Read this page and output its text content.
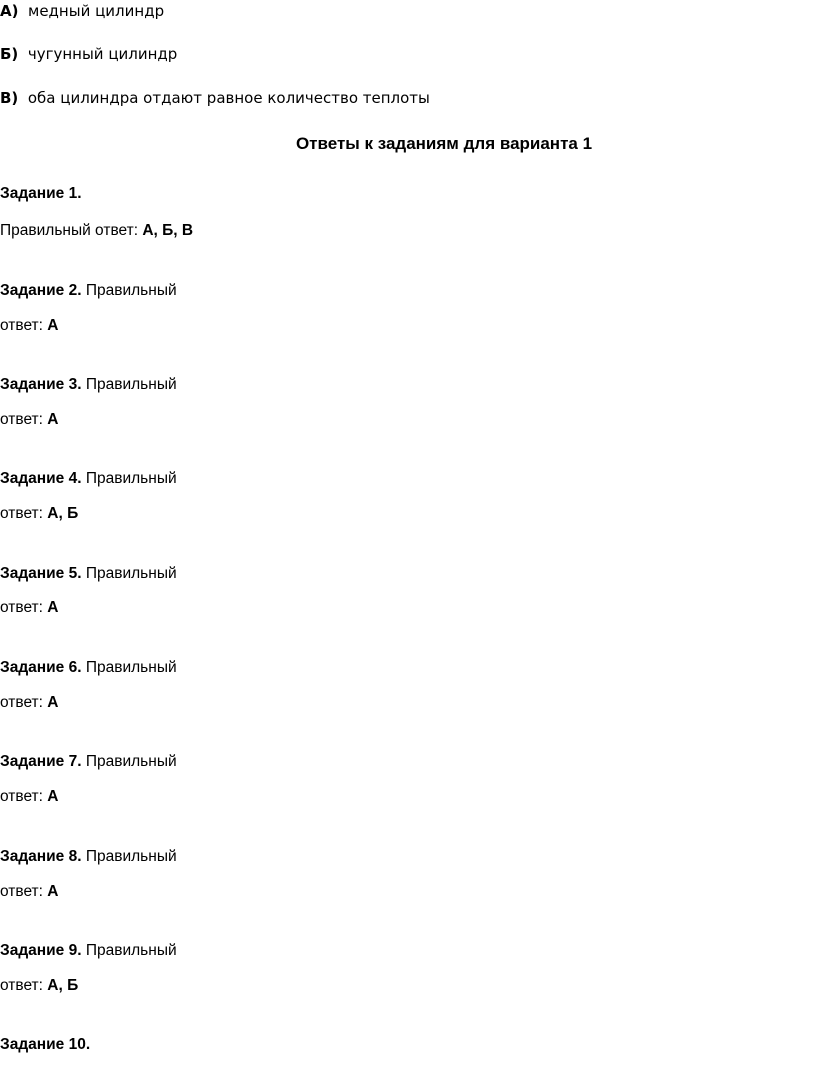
А) медный цилиндр
Б) чугунный цилиндр
В) оба цилиндра отдают равное количество теплоты
Ответы к заданиям для варианта 1
Задание 1.
Правильный ответ: А, Б, В
Задание 2. Правильный
ответ: А
Задание 3. Правильный
ответ: А
Задание 4. Правильный
ответ: А, Б
Задание 5. Правильный
ответ: А
Задание 6. Правильный
ответ: А
Задание 7. Правильный
ответ: А
Задание 8. Правильный
ответ: А
Задание 9. Правильный
ответ: А, Б
Задание 10.
